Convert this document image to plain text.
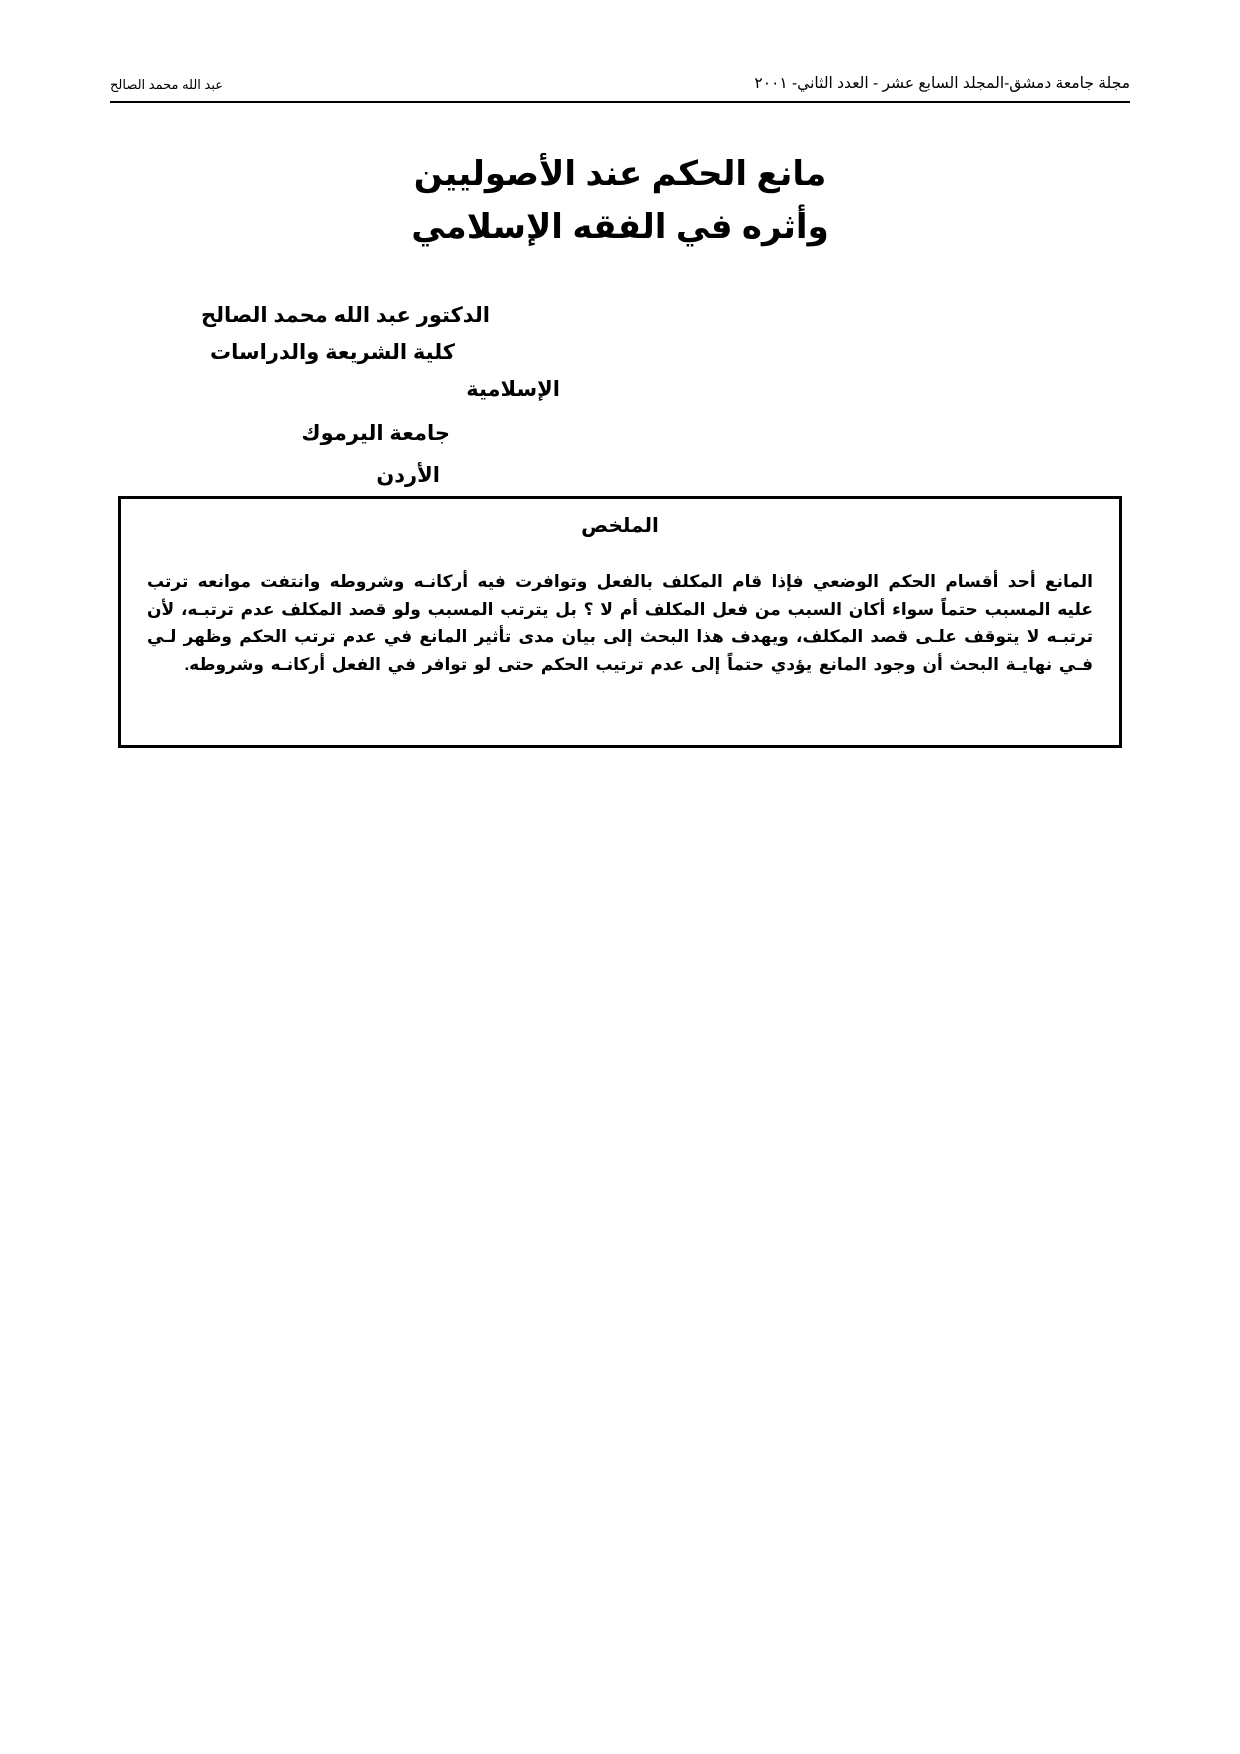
مجلة جامعة دمشق-المجلد السابع عشر - العدد الثاني- ٢٠٠١
عبد الله محمد الصالح
مانع الحكم عند الأصوليين
وأثره في الفقه الإسلامي
الدكتور عبد الله محمد الصالح
كلية الشريعة والدراسات
الإسلامية
جامعة اليرموك
الأردن
الملخص
المانع أحد أقسام الحكم الوضعي فإذا قام المكلف بالفعل وتوافرت فيه أركانـه وشروطه وانتفت موانعه ترتب عليه المسبب حتماً سواء أكان السبب من فعل المكلف أم لا ؟ بل يترتب المسبب ولو قصد المكلف عدم ترتبـه، لأن ترتبـه لا يتوقف علـى قصد المكلف، ويهدف هذا البحث إلى بيان مدى تأثير المانع في عدم ترتب الحكم وظهر لـي فـي نهايـة البحث أن وجود المانع يؤدي حتماً إلى عدم ترتيب الحكم حتى لو توافر في الفعل أركانـه وشروطه.
